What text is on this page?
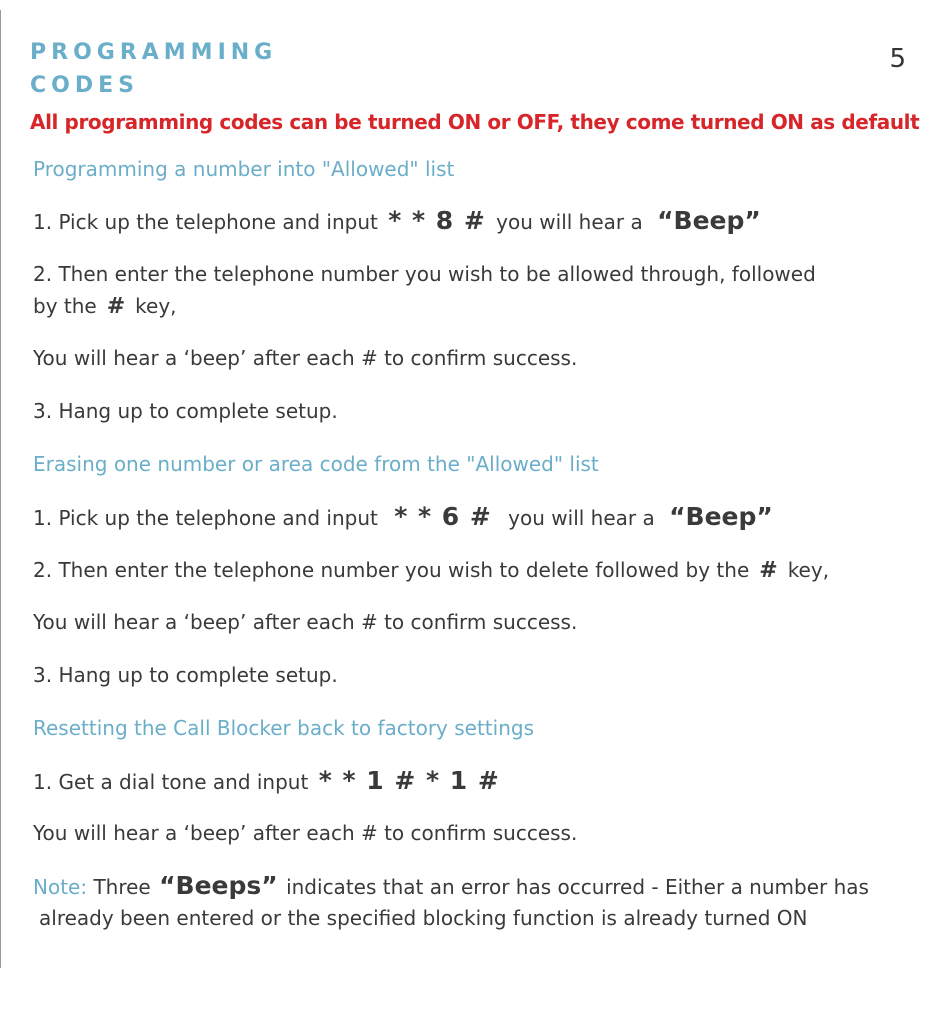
PROGRAMMING
CODES
5

All programming codes can be turned ON or OFF, they come turned ON as default

Programming a number into "Allowed" list

1. Pick up the telephone and input * * 8 # you will hear a “Beep”

2. Then enter the telephone number you wish to be allowed through, followed

by the # key,

You will hear a ‘beep’ after each # to confirm success.

3. Hang up to complete setup.

Erasing one number or area code from the "Allowed" list

1. Pick up the telephone and input * * 6 # you will hear a “Beep”

2. Then enter the telephone number you wish to delete followed by the # key,

You will hear a ‘beep’ after each # to confirm success.

3. Hang up to complete setup.

Resetting the Call Blocker back to factory settings

1. Get a dial tone and input * * 1 # * 1 #

You will hear a ‘beep’ after each # to confirm success.

Note: Three “Beeps” indicates that an error has occurred - Either a number has

already been entered or the specified blocking function is already turned ON
